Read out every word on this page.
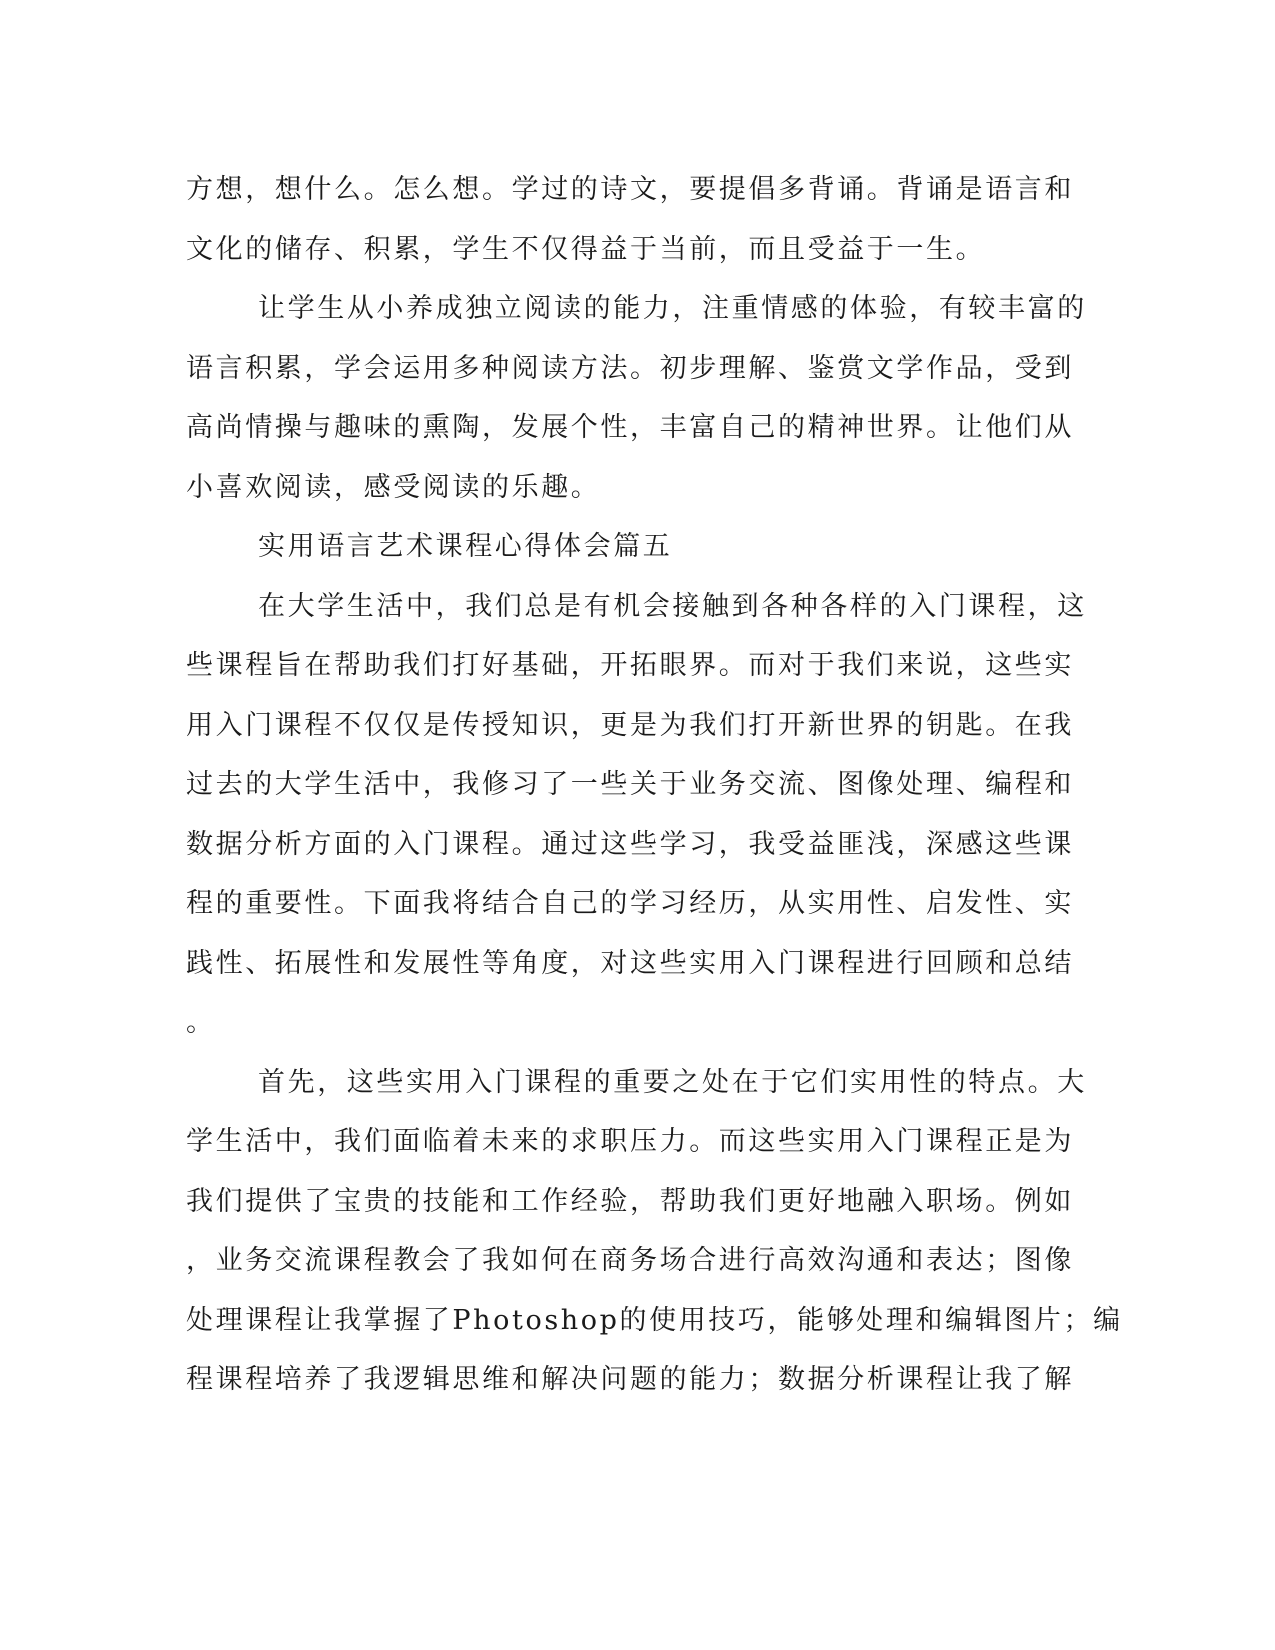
方想，想什么。怎么想。学过的诗文，要提倡多背诵。背诵是语言和
文化的储存、积累，学生不仅得益于当前，而且受益于一生。
让学生从小养成独立阅读的能力，注重情感的体验，有较丰富的
语言积累，学会运用多种阅读方法。初步理解、鉴赏文学作品，受到
高尚情操与趣味的熏陶，发展个性，丰富自己的精神世界。让他们从
小喜欢阅读，感受阅读的乐趣。
实用语言艺术课程心得体会篇五
在大学生活中，我们总是有机会接触到各种各样的入门课程，这
些课程旨在帮助我们打好基础，开拓眼界。而对于我们来说，这些实
用入门课程不仅仅是传授知识，更是为我们打开新世界的钥匙。在我
过去的大学生活中，我修习了一些关于业务交流、图像处理、编程和
数据分析方面的入门课程。通过这些学习，我受益匪浅，深感这些课
程的重要性。下面我将结合自己的学习经历，从实用性、启发性、实
践性、拓展性和发展性等角度，对这些实用入门课程进行回顾和总结
。
首先，这些实用入门课程的重要之处在于它们实用性的特点。大
学生活中，我们面临着未来的求职压力。而这些实用入门课程正是为
我们提供了宝贵的技能和工作经验，帮助我们更好地融入职场。例如
，业务交流课程教会了我如何在商务场合进行高效沟通和表达；图像
处理课程让我掌握了Photoshop的使用技巧，能够处理和编辑图片；编
程课程培养了我逻辑思维和解决问题的能力；数据分析课程让我了解
